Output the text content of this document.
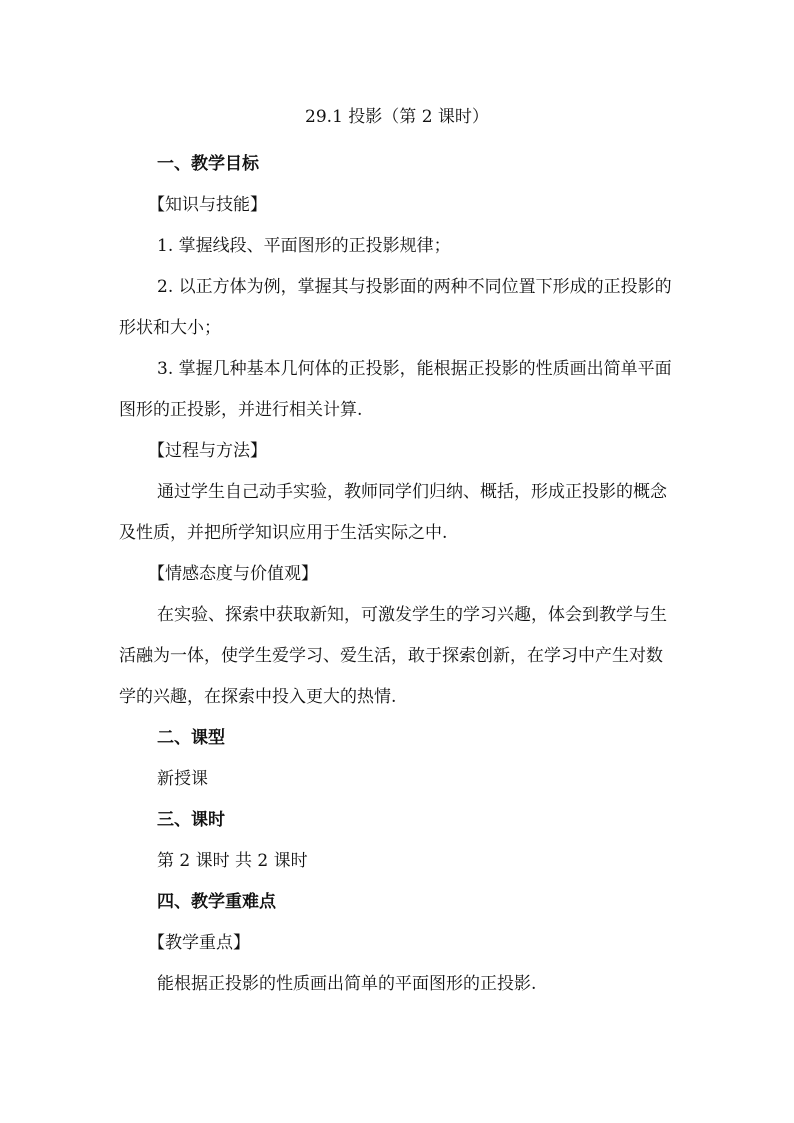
29.1 投影（第 2 课时）

一、教学目标

【知识与技能】

1. 掌握线段、平面图形的正投影规律；

2. 以正方体为例，掌握其与投影面的两种不同位置下形成的正投影的形状和大小；

3. 掌握几种基本几何体的正投影，能根据正投影的性质画出简单平面图形的正投影，并进行相关计算.

【过程与方法】

通过学生自己动手实验，教师同学们归纳、概括，形成正投影的概念及性质，并把所学知识应用于生活实际之中.

【情感态度与价值观】

在实验、探索中获取新知，可激发学生的学习兴趣，体会到教学与生活融为一体，使学生爱学习、爱生活，敢于探索创新，在学习中产生对数学的兴趣，在探索中投入更大的热情.

二、课型

新授课

三、课时

第 2 课时 共 2 课时

四、教学重难点

【教学重点】

能根据正投影的性质画出简单的平面图形的正投影.
